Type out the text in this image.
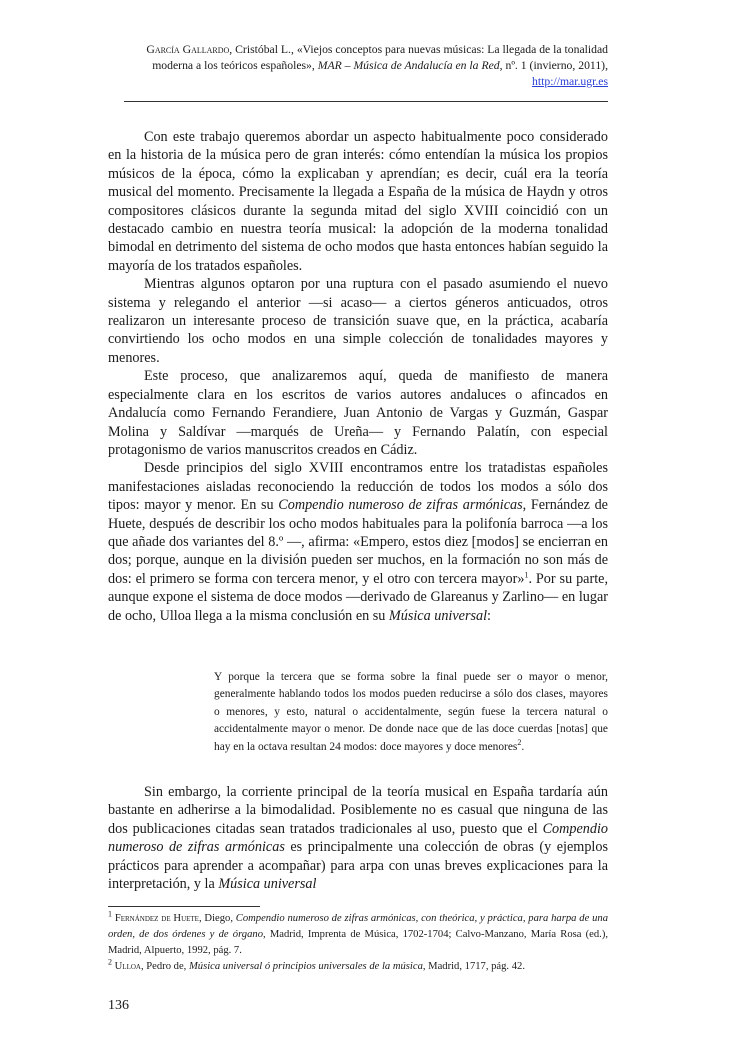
García Gallardo, Cristóbal L., «Viejos conceptos para nuevas músicas: La llegada de la tonalidad moderna a los teóricos españoles», MAR – Música de Andalucía en la Red, nº. 1 (invierno, 2011), http://mar.ugr.es

Con este trabajo queremos abordar un aspecto habitualmente poco considerado en la historia de la música pero de gran interés: cómo entendían la música los propios músicos de la época, cómo la explicaban y aprendían; es decir, cuál era la teoría musical del momento. Precisamente la llegada a España de la música de Haydn y otros compositores clásicos durante la segunda mitad del siglo XVIII coincidió con un destacado cambio en nuestra teoría musical: la adopción de la moderna tonalidad bimodal en detrimento del sistema de ocho modos que hasta entonces habían seguido la mayoría de los tratados españoles.

Mientras algunos optaron por una ruptura con el pasado asumiendo el nuevo sistema y relegando el anterior —si acaso— a ciertos géneros anticuados, otros realizaron un interesante proceso de transición suave que, en la práctica, acabaría convirtiendo los ocho modos en una simple colección de tonalidades mayores y menores.

Este proceso, que analizaremos aquí, queda de manifiesto de manera especialmente clara en los escritos de varios autores andaluces o afincados en Andalucía como Fernando Ferandiere, Juan Antonio de Vargas y Guzmán, Gaspar Molina y Saldívar —marqués de Ureña— y Fernando Palatín, con especial protagonismo de varios manuscritos creados en Cádiz.

Desde principios del siglo XVIII encontramos entre los tratadistas españoles manifestaciones aisladas reconociendo la reducción de todos los modos a sólo dos tipos: mayor y menor. En su Compendio numeroso de zifras armónicas, Fernández de Huete, después de describir los ocho modos habituales para la polifonía barroca —a los que añade dos variantes del 8.º —, afirma: «Empero, estos diez [modos] se encierran en dos; porque, aunque en la división pueden ser muchos, en la formación no son más de dos: el primero se forma con tercera menor, y el otro con tercera mayor»$^1$. Por su parte, aunque expone el sistema de doce modos —derivado de Glareanus y Zarlino— en lugar de ocho, Ulloa llega a la misma conclusión en su Música universal:

Y porque la tercera que se forma sobre la final puede ser o mayor o menor, generalmente hablando todos los modos pueden reducirse a sólo dos clases, mayores o menores, y esto, natural o accidentalmente, según fuese la tercera natural o accidentalmente mayor o menor. De donde nace que de las doce cuerdas [notas] que hay en la octava resultan 24 modos: doce mayores y doce menores$^2$.

Sin embargo, la corriente principal de la teoría musical en España tardaría aún bastante en adherirse a la bimodalidad. Posiblemente no es casual que ninguna de las dos publicaciones citadas sean tratados tradicionales al uso, puesto que el Compendio numeroso de zifras armónicas es principalmente una colección de obras (y ejemplos prácticos para aprender a acompañar) para arpa con unas breves explicaciones para la interpretación, y la Música universal

$^1$ Fernández de Huete, Diego, Compendio numeroso de zifras armónicas, con theórica, y práctica, para harpa de una orden, de dos órdenes y de órgano, Madrid, Imprenta de Música, 1702-1704; Calvo-Manzano, María Rosa (ed.), Madrid, Alpuerto, 1992, pág. 7.

$^2$ Ulloa, Pedro de, Música universal ó principios universales de la música, Madrid, 1717, pág. 42.

136
